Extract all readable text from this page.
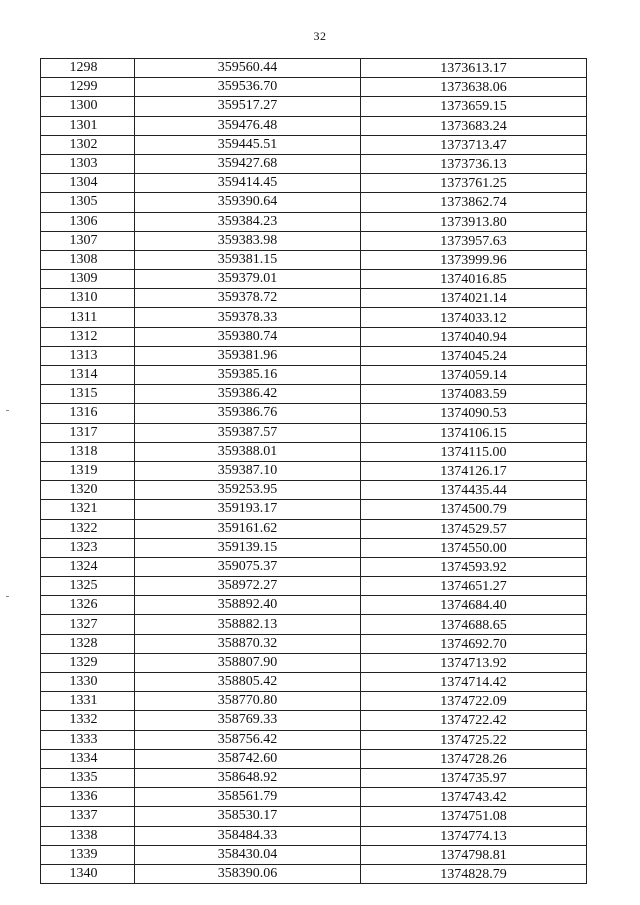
32
1298	359560.44	1373613.17
1299	359536.70	1373638.06
1300	359517.27	1373659.15
1301	359476.48	1373683.24
1302	359445.51	1373713.47
1303	359427.68	1373736.13
1304	359414.45	1373761.25
1305	359390.64	1373862.74
1306	359384.23	1373913.80
1307	359383.98	1373957.63
1308	359381.15	1373999.96
1309	359379.01	1374016.85
1310	359378.72	1374021.14
1311	359378.33	1374033.12
1312	359380.74	1374040.94
1313	359381.96	1374045.24
1314	359385.16	1374059.14
1315	359386.42	1374083.59
1316	359386.76	1374090.53
1317	359387.57	1374106.15
1318	359388.01	1374115.00
1319	359387.10	1374126.17
1320	359253.95	1374435.44
1321	359193.17	1374500.79
1322	359161.62	1374529.57
1323	359139.15	1374550.00
1324	359075.37	1374593.92
1325	358972.27	1374651.27
1326	358892.40	1374684.40
1327	358882.13	1374688.65
1328	358870.32	1374692.70
1329	358807.90	1374713.92
1330	358805.42	1374714.42
1331	358770.80	1374722.09
1332	358769.33	1374722.42
1333	358756.42	1374725.22
1334	358742.60	1374728.26
1335	358648.92	1374735.97
1336	358561.79	1374743.42
1337	358530.17	1374751.08
1338	358484.33	1374774.13
1339	358430.04	1374798.81
1340	358390.06	1374828.79
